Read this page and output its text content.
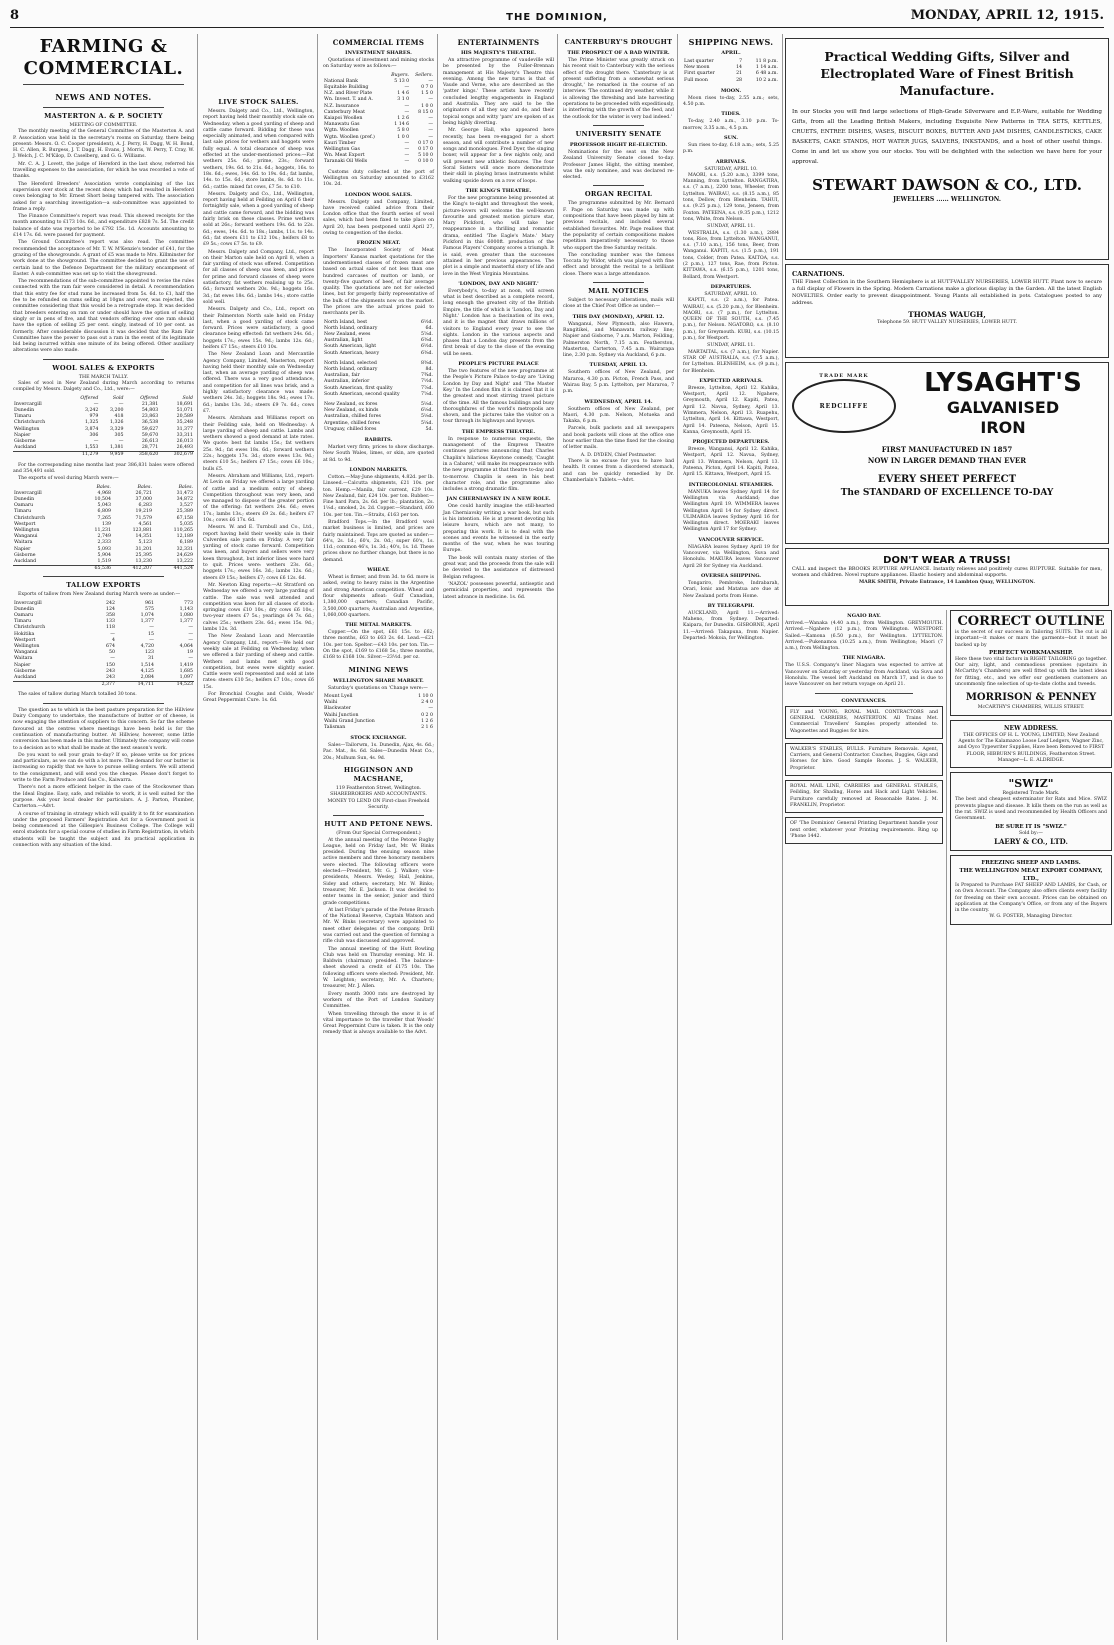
8	THE DOMINION,	MONDAY, APRIL 12, 1915.
FARMING & COMMERCIAL.
NEWS AND NOTES.
MASTERTON A. & P. SOCIETY
MEETING OF COMMITTEE.

The monthly meeting of the General Committee of the Masterton A. and P. Association was held in the secretary's rooms on Saturday, there being present: Messrs. O. C. Cooper (president), A. J. Perry, H. Dagg, W. H. Bond, H. C. Allen, R. Burgess, J. T. Dagg, H. Evans, J. Morris, W. Perry, T. Cray, W. J. Welch, J. C. M'Kilop, D. Caselberg, and G. G. Williams.

Mr. C. A. J. Lovett, the judge of Hereford in the last show, referred his travelling expenses to the association, for which he was recorded a vote of thanks.

The Hereford Breeders' Association wrote complaining of the lax supervision over stock at the recent show, which had resulted in Hereford cows belonging to Mr. Ernest Short being tampered with. The association asked for a searching investigation—a sub-committee was appointed to frame a reply.

The Finance Committee's report was read. This showed receipts for the month amounting to £173 10s. 6d., and expenditure £828 7s. 5d. The credit balance of date was reported to be £792 15s. 1d. Accounts amounting to £14 17s. 6d. were passed for payment.

The Ground Committee's report was also read. The committee recommended the acceptance of Mr. T. W. M'Kenzie's tender of £41, for the grazing of the showgrounds. A grant of £5 was made to Mrs. Killminster for work done at the showground. The committee decided to grant the use of certain land to the Defence Department for the military encampment of Easter. A sub-committee was set up to visit the showground.

The recommendations of the sub-committee appointed to revise the rules connected with the ram fair were considered in detail. A recommendation that this entry fee for stud rams be increased from 5s. 6d. to £1, half the fee to be refunded on rams selling at 10gns and over, was rejected, the committee considering that this would be a retrograde step. It was decided that breeders entering on ram or under should have the option of selling singly or in pens of five, and that vendors offering over one ram should have the option of selling 25 per cent. singly, instead of 10 per cent. as formerly. After considerable discussion it was decided that the Ram Fair Committee have the power to pass out a ram in the event of its legitimate bid being incurred within one minute of its being offered. Other auxiliary alterations were also made.

WOOL SALES & EXPORTS
THE MARCH TALLY.

Sales of wool in New Zealand during March according to returns compiled by Messrs. Dalgety and Co., Ltd., were:—

	Offered	Sold	Offered	Sold
Invercargill	—	—	21,381	18,691
Dunedin	3,242	3,200	54,803	51,071
Timaru	979	418	23,863	20,589
Christchurch	1,325	1,326	36,538	35,248
Wellington	3,874	3,329	59,627	31,377
Napier	306	305	59,670	33,311
Gisborne	—	—	26,613	26,013
Auckland	1,553	1,381	28,771	26,493
	11,279	9,959	358,620	302,679

For the corresponding nine months last year 386,831 bales were offered and 354,491 sold.

The exports of wool during March were:—

	Bales.	Bales.	Bales.
Invercargill	4,968	26,721	31,473
Dunedin	10,504	37,000	34,872
Oamaru	5,043	6,283	3,527
Timaru	6,809	19,219	25,389
Christchurch	7,265	71,579	67,158
Westport	139	4,561	5,035
Wellington	11,231	123,881	110,265
Wanganui	2,749	14,351	12,189
Waitara	2,333	5,123	6,189
Napier	5,093	31,201	32,331
Gisborne	5,904	25,395	24,629
Auckland	1,519	13,230	13,222
	65,536	412,207	441,524
TALLOW EXPORTS

Exports of tallow from New Zealand during March were as under:—

Invercargill	242	961	773
Dunedin	124	575	1,143
Oamaru	358	1,074	1,080
Timaru	133	1,377	1,377
Christchurch	118	—	—
Hokitika	—	15	—
Westport	4	—	—
Wellington	674	4,720	4,064
Wanganui	50	123	19
Waitara	—	31	—
Napier	150	1,514	1,419
Gisborne	243	4,125	1,685
Auckland	243	2,084	1,097
	2,377	14,711	14,523

The sales of tallow during March totalled 30 tons.

The question as to which is the best pasture preparation for the Hillview Dairy Company to undertake, the manufacture of butter or of cheese, is now engaging the attention of suppliers to this concern. So far the scheme favoured at the centres where meetings have been held is for the continuation of manufacturing butter. At Hillview, however, some little conversion has been made in this matter. Ultimately the company will come to a decision as to what shall be made at the next season's work.

Do you want to sell your grain to-day? If so, please write us for prices and particulars, as we can do with a lot more. The demand for our butter is increasing so rapidly that we have to pursue selling orders. We will attend to the consignment, and will send you the cheque. Please don't forget to write to the Farm Produce and Gas Co., Kaiwarra.

There's not a more efficient helper in the case of the Stockowner than the Ideal Engine. Easy, safe, and reliable to work, it is well suited for the purpose. Ask your local dealer for particulars. A. J. Parton, Plumber, Carterton.—Advt.

A course of training in strategy which will qualify it to fit for examination under the proposed Farmers' Registration Act for a Government post is being commenced at the Gillespie's Business College. The College will enrol students for a special course of studies in Farm Registration, in which students will be taught the subject and its practical application in connection with any situation of the kind.

LIVE STOCK SALES.

Messrs. Dalgety and Co., Ltd., Wellington, report having held their monthly stock sale on Wednesday, when a good yarding of sheep and cattle came forward. Bidding for these was especially animated, and when compared with last sale prices for wethers and hoggets were fully equal. A total clearance of sheep was effected at the under-mentioned prices:—Fat wethers 25s. 6d.; prime, 23s.; forward wethers, 19s. 6d. to 21s. 6d.; hoggets, 16s. to 18s. 6d.; ewes, 14s. 6d. to 19s. 6d.; fat lambs, 14s. to 15s. 6d.; store lambs, 8s. 6d. to 11s. 6d.; cattle: mixed fat cows, £7 5s. to £10.

Messrs. Dalgety and Co., Ltd., Wellington, report having held at Feilding on April 6 their fortnightly sale, when a good yarding of sheep and cattle came forward, and the bidding was fairly brisk on these classes. Prime wethers sold at 26s.; forward wethers 19s. 6d. to 22s. 6d.; ewes, 14s. 6d. to 18s.; lambs, 11s. to 14s. 6d.; fat steers £11 to £12 10s.; heifers £8 to £9 5s.; cows £7 5s. to £9.

Messrs. Dalgety and Company, Ltd., report on their Marton sale held on April 8, when a fair yarding of stock was offered. Competition for all classes of sheep was keen, and prices for prime and forward classes of sheep were satisfactory, fat wethers realising up to 25s. 6d.; forward wethers 20s. 9d.; hoggets 16s. 3d.; fat ewes 18s. 6d.; lambs 14s.; store cattle sold well.

Messrs. Dalgety and Co., Ltd., report on their Palmerston North sale held on Friday last, when a good yarding of stock came forward. Prices were satisfactory, a good clearance being effected: fat wethers 24s. 6d.; hoggets 17s.; ewes 15s. 9d.; lambs 12s. 6d.; heifers £7 15s.; steers £10 10s.

The New Zealand Loan and Mercantile Agency Company, Limited, Masterton, report having held their monthly sale on Wednesday last, when an average yarding of sheep was offered. There was a very good attendance, and competition for all lines was brisk, and a highly satisfactory clearance was made: wethers 24s. 3d.; hoggets 18s. 9d.; ewes 17s. 6d.; lambs 13s. 3d.; steers £9 7s. 6d.; cows £7.

Messrs. Abraham and Williams report on their Feilding sale, held on Wednesday: A large yarding of sheep and cattle. Lambs and wethers showed a good demand at late rates. We quote: best fat lambs 15s.; fat wethers 25s. 9d.; fat ewes 18s. 6d.; forward wethers 22s.; hoggets 17s. 3d.; store ewes 13s. 9d.; steers £10 5s.; heifers £7 15s.; cows £6 10s.; bulls £5.

Messrs. Abraham and Williams, Ltd., report: At Levin on Friday we offered a large yarding of cattle and a medium entry of sheep. Competition throughout was very keen, and we managed to dispose of the greater portion of the offering: fat wethers 24s. 6d.; ewes 17s.; lambs 13s.; steers £9 2s. 6d.; heifers £7 10s.; cows £6 17s. 6d.

Messrs. W. and E. Turnbull and Co., Ltd., report having held their weekly sale in their Culverden sale yards on Friday. A very fair yarding of stock came forward. Competition was keen, and buyers and sellers were very keen throughout, but inferior lines were hard to quit. Prices were: wethers 23s. 6d.; hoggets 17s.; ewes 16s. 3d.; lambs 12s. 6d.; steers £9 15s.; heifers £7; cows £6 12s. 6d.

Mr. Newton King reports:—At Stratford on Wednesday we offered a very large yarding of cattle. The sale was well attended and competition was keen for all classes of stock: springing cows £10 10s.; dry cows £6 10s.; two-year steers £7 5s.; yearlings £4 7s. 6d.; calves 25s.; wethers 23s. 6d.; ewes 15s. 9d.; lambs 12s. 3d.

The New Zealand Loan and Mercantile Agency Company, Ltd., report:—We held our weekly sale at Feilding on Wednesday, when we offered a fair yarding of sheep and cattle. Wethers and lambs met with good competition, but ewes were slightly easier. Cattle were well represented and sold at late rates: steers £10 5s.; heifers £7 10s.; cows £6 15s.

For Bronchial Coughs and Colds, Woods' Great Peppermint Cure. 1s. 6d.

COMMERCIAL ITEMS
INVESTMENT SHARES.

Quotations of investment and mining stocks on Saturday were as follows:—

	Buyers.	Sellers.
National Bank	5 13 0	—
Equitable Building	—	0 7 0
N.Z. and River Plate	1 4 6	1 5 0
Wn. Invest. T. and A.	3 1 0	—
N.Z. Insurance	—	1 0 0
Canterbury Meat	—	8 15 0
Kaiapoi Woollen	1 2 6	—
Manawatu Gas	1 14 6	—
Wgtn. Woollen	5 8 0	—
Wgtn. Woollen (pref.)	1 0 0	—
Kauri Timber	—	0 17 0
Wellington Gas	—	0 17 0
Wn. Meat Export	—	5 10 0
Taranaki Oil Wells	—	0 10 0

Customs duty collected at the port of Wellington on Saturday amounted to £3162 10s. 2d.

LONDON WOOL SALES.

Messrs. Dalgety and Company, Limited, have received cabled advice from their London office that the fourth series of wool sales, which had been fixed to take place on April 20, has been postponed until April 27, owing to congestion of the docks.

FROZEN MEAT.

The Incorporated Society of Meat Importers' Kansas market quotations for the undermentioned classes of frozen meat are based on actual sales of not less than one hundred carcases of mutton or lamb, or twenty-five quarters of beef, of fair average quality. The quotations are not for selected lines, but for properly fairly representative of the bulk of the shipments now on the market. The prices are the actual prices paid to merchants per lb.

North Island, best	6½d.
North Island, ordinary	6d.
New Zealand, ewes	5⅝d.
Australian, light	6⅜d.
South American, light	6½d.
South American, heavy	6⅜d.
North Island, selected	8⅜d.
North Island, ordinary	8d.
Australian, fair	7¾d.
Australian, inferior	7½d.
South American, first quality	7⅞d.
South American, second quality	7⅝d.
New Zealand, ox fores	5⅛d.
New Zealand, ox hinds	6⅛d.
Australian, chilled fores	5⅛d.
Argentine, chilled fores	5¼d.
Uruguay, chilled fores	5d.
RABBITS.

Market very firm; prices to show discharge. New South Wales, limes, or skin, are quoted at 8d. to 9d.

LONDON MARKETS.

Cotton.—May-June shipments, 4.82d. per lb. Linseed.—Calcutta shipments, £21 10s. per ton. Hemp.—Manila, fair current, £29 10s. New Zealand, fair, £24 10s. per ton. Rubber.—Fine hard Para, 2s. 6d. per lb.; plantation, 2s. 1⅛d.; smoked, 2s. 2d. Copper.—Standard, £60 10s. per ton. Tin.—Straits, £163 per ton.

Bradford Tops.—In the Bradford wool market business is limited, and prices are fairly maintained. Tops are quoted as under:—64's, 2s. 1d.; 60's, 2s. 0d.; super 60's, 1s. 11d.; common 46's, 1s. 3d.; 40's, 1s. 1d. These prices show no further change, but there is no demand.

WHEAT.

Wheat is firmer, and from 3d. to 6d. more is asked, owing to heavy rains in the Argentine and strong American competition. Wheat and flour shipments afloat: Gulf Canadian, 1,380,000 quarters; Canadian Pacific, 3,500,000 quarters; Australian and Argentine, 1,060,000 quarters.

THE METAL MARKETS.

Copper.—On the spot, £61 15s. to £62; three months, £63 to £63 2s. 6d. Lead.—£21 10s. per ton. Spelter.—£43 10s. per ton. Tin.—On the spot, £169 to £168 5s.; three months, £168 to £168 10s. Silver.—23½d. per oz.

MINING NEWS
WELLINGTON SHARE MARKET.

Saturday's quotations on 'Change were:—

Mount Lyell	1 10 0
Waihi	2 4 0
Blackwater	—
Waihi Junction	0 2 0
Waihi Grand Junction	1 2 6
Talisman	2 1 6
STOCK EXCHANGE.

Sales—Tailorwm, 1s. Dunedin, Ajax, 4s. 6d.; Pac. Mat., 8s. 6d. Sales—Dunedin Meat Co., 20s.; Mulhum Sun, 4s. 9d.

HIGGINSON AND MACSHANE,

119 Featherston Street, Wellington. SHAREBROKERS AND ACCOUNTANTS. MONEY TO LEND ON First-class Freehold Security.

HUTT AND PETONE NEWS.
(From Our Special Correspondent.)

At the annual meeting of the Petone Rugby League, held on Friday last, Mr. W. Binks presided. During the ensuing season nine active members and three honorary members were elected. The following officers were elected:—President, Mr. G. J. Walker; vice-presidents, Messrs. Wesley, Hall, Jenkins, Sidey and others; secretary, Mr. W. Binks; treasurer, Mr. E. Jackson. It was decided to enter teams in the senior, junior and third grade competitions.

At last Friday's parade of the Petone Branch of the National Reserve, Captain Watson and Mr. W. Binks (secretary) were appointed to meet other delegates of the company. Drill was carried out and the question of forming a rifle club was discussed and approved.

The annual meeting of the Hutt Bowling Club was held on Thursday evening. Mr. H. Baldwin (chairman) presided. The balance-sheet showed a credit of £175 10s. The following officers were elected: President, Mr. W. Leighton; secretary, Mr. A. Charters; treasurer, Mr. J. Allen.

Every month 3000 rats are destroyed by workers of the Port of London Sanitary Committee.

When travelling through the snow it is of vital importance to the traveller that Woods' Great Peppermint Cure is taken. It is the only remedy that is always available to the Advt.

ENTERTAINMENTS
HIS MAJESTY'S THEATRE.

An attractive programme of vaudeville will be presented by the Fuller-Brennan management at His Majesty's Theatre this evening. Among the new turns is that of Vaude and Verne, who are described as the 'patter kings.' These artists have recently concluded lengthy engagements in England and Australia. They are said to be the originators of all they say and do, and their topical songs and witty 'pars' are spoken of as being highly diverting.

Mr. George Hall, who appeared here recently, has been re-engaged for a short season, and will contribute a number of new songs and monologues. Fred Dyer, the singing boxer, will appear for a few nights only, and will present new athletic features. The four Soral Sisters will once more demonstrate their skill in playing brass instruments whilst walking upside down on a row of loops.

THE KING'S THEATRE.

For the new programme being presented at the King's to-night and throughout the week, picture-lovers will welcome the well-known favourite and greatest motion picture star, Mary Pickford, who will take her reappearance in a thrilling and romantic drama, entitled 'The Eagle's Mate.' Mary Pickford in this 6000ft. production of the Famous Players' Company scores a triumph. It is said, even greater than the successes attained in her previous appearances. The plot is a simple and masterful story of life and love in the West Virginia Mountains.

'LONDON, DAY AND NIGHT.'

Everybody's, to-day at noon, will screen what is best described as a complete record, long enough the greatest city of the British Empire, the title of which is 'London, Day and Night.' London has a fascination of its own, and it is the magnet that draws millions of visitors to England every year to see the sights. London in the various aspects and phases that a London day presents from the first break of day to the close of the evening will be seen.

PEOPLE'S PICTURE PALACE

The two features of the new programme at the People's Picture Palace to-day are 'Living London by Day and Night' and 'The Master Key.' In the London film it is claimed that it is the greatest and most stirring travel picture of the time. All the famous buildings and busy thoroughfares of the world's metropolis are shown, and the pictures take the visitor on a tour through its highways and byways.

THE EMPRESS THEATRE.

In response to numerous requests, the management of the Empress Theatre continues pictures announcing that Charles Chaplin's hilarious Keystone comedy, 'Caught in a Cabaret,' will make its reappearance with the new programme at that theatre to-day and to-morrow. Chaplin is seen in his best character role, and the programme also includes a strong dramatic film.

JAN CHERNIAVSKY IN A NEW ROLE.

One could hardly imagine the still-hearted Jan Cherniavsky writing a war book, but such is his intention. He is at present devoting his leisure hours, which are not many, to preparing this work. It is to deal with the scenes and events he witnessed in the early months of the war, when he was touring Europe.

The book will contain many stories of the great war, and the proceeds from the sale will be devoted to the assistance of distressed Belgian refugees.

'NAZOL' possesses powerful, antiseptic and germicidal properties, and represents the latest advance in medicine. 1s. 6d.

CANTERBURY'S DROUGHT
THE PROSPECT OF A BAD WINTER.

The Prime Minister was greatly struck on his recent visit to Canterbury with the serious effect of the drought there. 'Canterbury is at present suffering from a somewhat serious drought,' he remarked in the course of an interview. 'The continued dry weather, while it is allowing the threshing and late harvesting operations to be proceeded with expeditiously, is interfering with the growth of the feed, and the outlook for the winter is very bad indeed.'

UNIVERSITY SENATE
PROFESSOR HIGHT RE-ELECTED.

Nominations for the seat on the New Zealand University Senate closed to-day. Professor James Hight, the sitting member, was the only nominee, and was declared re-elected.

ORGAN RECITAL

The programme submitted by Mr. Bernard F. Page on Saturday was made up with compositions that have been played by him at previous recitals, and included several established favourites. Mr. Page realises that the popularity of certain compositions makes repetition imperatively necessary to those who support the free Saturday recitals.

The concluding number was the famous Toccata by Widor, which was played with fine effect and brought the recital to a brilliant close. There was a large attendance.

MAIL NOTICES

Subject to necessary alterations, mails will close at the Chief Post Office as under:—

THIS DAY (MONDAY), APRIL 12.

Wanganui, New Plymouth, also Hawera, Rangitikei, and Manawatu railway line; Napier and Gisborne, 7 a.m. Marton, Feilding, Palmerston North, 7.15 a.m. Featherston, Masterton, Carterton, 7.45 a.m. Wairarapa line, 2.30 p.m. Sydney via Auckland, 6 p.m.

TUESDAY, APRIL 13.

Southern offices of New Zealand, per Mararoa, 4.30 p.m. Picton, French Pass, and Wairau Bay, 5 p.m. Lyttelton, per Mararoa, 7 p.m.

WEDNESDAY, APRIL 14.

Southern offices of New Zealand, per Maori, 4.30 p.m. Nelson, Motueka and Takaka, 6 p.m.

Parcels, bulk packets and all newspapers and book packets will close at the office one hour earlier than the time fixed for the closing of letter mails.

A. D. DYDEN, Chief Postmaster.

There is no excuse for you to have bad health. It comes from a disordered stomach, and can be quickly remedied by Dr. Chamberlain's Tablets.—Advt.

SHIPPING NEWS.
APRIL.
Last quarter	7	11 8 p.m.
New moon	14	1 14 a.m.
First quarter	21	6 48 a.m.
Full moon	28	10 2 a.m.
MOON.

Moon rises to-day, 2.55 a.m.; sets, 4.50 p.m.

TIDES.

To-day, 2.40 a.m., 3.10 p.m. To-morrow, 3.35 a.m., 4.5 p.m.

SUN.

Sun rises to-day, 6.18 a.m.; sets, 5.25 p.m.

ARRIVALS.
SATURDAY, APRIL 10.

MAORI, s.s. (5.20 a.m.), 3399 tons, Manning, from Lyttelton. RANGATIRA, s.s. (7 a.m.), 2200 tons, Wheeler, from Lyttelton. WAIRAU, s.s. (8.15 a.m.), 85 tons, Dellow, from Blenheim. TAHUI, s.s. (9.25 p.m.), 129 tons, Jensen, from Foxton. PATEENA, s.s. (9.35 p.m.), 1212 tons, White, from Nelson.

SUNDAY, APRIL 11.

WESTRALIA, s.s. (1.30 a.m.), 2884 tons, Rice, from Lyttelton. WANGANUI, s.s. (7.10 a.m.), 156 tons, Beer, from Wanganui. KAPITI, s.s. (1.5 p.m.), 191 tons, Colder, from Patea. KAITOA, s.s. (2 p.m.), 127 tons, Rae, from Picton. KITTAWA, s.s. (6.15 p.m.), 1201 tons, Bollard, from Westport.

DEPARTURES.
SATURDAY, APRIL 10.

KAPITI, s.s. (2 a.m.), for Patea. WAIRAU, s.s. (5.20 p.m.), for Blenheim. MAORI, s.s. (7 p.m.), for Lyttelton. QUEEN OF THE SOUTH, s.s. (7.45 p.m.), for Nelson. NGATORO, s.s. (8.10 p.m.), for Greymouth. KURI, s.s. (10.15 p.m.), for Westport.

SUNDAY, APRIL 11.

MARTAITAL, s.s. (7 a.m.), for Napier. STAR OF AUSTRALIA, s.s. (7.5 a.m.), for Lyttelton. BLENHEIM, s.s. (9 p.m.), for Blenheim.

EXPECTED ARRIVALS.

Breeze, Lyttelton, April 12. Kahika, Westport, April 12. Ngahere, Greymouth, April 12. Kapiti, Patea, April 12. Navua, Sydney, April 13. Wimmera, Nelson, April 13. Ruapehu, Lyttelton, April 14. Kittawa, Westport, April 14. Pateena, Nelson, April 15. Kanna, Greymouth, April 15.

PROJECTED DEPARTURES.

Breeze, Wanganui, April 12. Kahika, Westport, April 12. Navua, Sydney, April 13. Wimmera, Nelson, April 13. Pateena, Picton, April 14. Kapiti, Patea, April 15. Kittawa, Westport, April 15.

INTERCOLONIAL STEAMERS.

MANUKA leaves Sydney April 14 for Wellington via Auckland; due Wellington April 19. WIMMERA leaves Wellington April 14 for Sydney direct. ULIMAROA leaves Sydney April 16 for Wellington direct. MOERAKI leaves Wellington April 17 for Sydney.

VANCOUVER SERVICE.

NIAGARA leaves Sydney April 19 for Vancouver, via Wellington, Suva and Honolulu. MAKURA leaves Vancouver April 28 for Sydney via Auckland.

OVERSEA SHIPPING.

Tongariro, Pembroke, Indrabarah, Orari, Ionic and Matatua are due at New Zealand ports from Home.

BY TELEGRAPH.

AUCKLAND, April 11.—Arrived: Maheno, from Sydney. Departed: Kaipara, for Dunedin. GISBORNE, April 11.—Arrived: Takapuna, from Napier. Departed: Mokoia, for Wellington.

Practical Wedding Gifts, Silver and Electroplated Ware of Finest British Manufacture.

In our Stocks you will find large selections of High-Grade Silverware and E.P.-Ware, suitable for Wedding Gifts, from all the Leading British Makers, including Exquisite New Patterns in TEA SETS, KETTLES, CRUETS, ENTREE DISHES, VASES, BISCUIT BOXES, BUTTER AND JAM DISHES, CANDLESTICKS, CAKE BASKETS, CAKE STANDS, HOT WATER JUGS, SALVERS, INKSTANDS, and a host of other useful things. Come in and let us show you our stocks. You will be delighted with the selection we have here for your approval.

STEWART DAWSON & CO., LTD.
JEWELLERS ...... WELLINGTON.
CARNATIONS.

THE Finest Collection in the Southern Hemisphere is at HUTT-VALLEY NURSERIES, LOWER HUTT. Plant now to secure a full display of Flowers in the Spring. Modern Carnations make a glorious display in the Garden. All the latest English NOVELTIES. Order early to prevent disappointment. Young Plants all established in pots. Catalogues posted to any address.

THOMAS WAUGH,
Telephone 59. HUTT VALLEY NURSERIES, LOWER HUTT.
TRADE MARK
REDCLIFFE
LYSAGHT'S
GALVANISED
IRON
FIRST MANUFACTURED IN 1857
NOW IN LARGER DEMAND THAN EVER
EVERY SHEET PERFECT
The STANDARD OF EXCELLENCE TO-DAY
DON'T WEAR A TRUSS!

CALL and inspect the BROOKS RUPTURE APPLIANCE. Instantly relieves and positively cures RUPTURE. Suitable for men, women and children. Novel rupture appliances. Elastic hosiery and abdominal supports.

MARK SMITH, Private Entrance, 14 Lambton Quay, WELLINGTON.
NGAIO BAY.

Arrived.—Wanaka (4.40 a.m.), from Wellington. GREYMOUTH. Arrived.—Ngahere (12 p.m.), from Wellington. WESTPORT. Sailed.—Kamona (6.50 p.m.), for Wellington. LYTTELTON. Arrived.—Pukenamoa (10.25 a.m.), from Wellington; Maori (7 a.m.), from Wellington.

THE NIAGARA.

The U.S.S. Company's liner Niagara was expected to arrive at Vancouver on Saturday or yesterday from Auckland, via Suva and Honolulu. The vessel left Auckland on March 17, and is due to leave Vancouver on her return voyage on April 21.

CONVEYANCES.

FLY and YOUNG, ROYAL MAIL CONTRACTORS and GENERAL CARRIERS, MASTERTON. All Trains Met. Commercial Travellers' Samples properly attended to. Wagonettes and Buggies for hire.

WALKER'S STABLES, BULLS. Furniture Removals. Agent, Carriers, and General Contractor. Coaches, Buggies, Gigs and Horses for hire. Good Sample Rooms. J. S. WALKER, Proprietor.

ROYAL MAIL LINE, CARRIERS and GENERAL STABLES, Feilding, for Shading, Horse and Hack and Light Vehicles. Furniture carefully removed at Reasonable Rates. J. M. FRANKLIN, Proprietor.

OF 'The Dominion' General Printing Department handle your next order, whatever your Printing requirements. Ring up 'Phone 1442.

CORRECT OUTLINE

is the secret of our success in Tailoring SUITS. The cut is all important—it makes or mars the garments—but it must be backed up by

PERFECT WORKMANSHIP.

Here these two vital factors in RIGHT TAILORING go together. Our airy, light, and commodious premises (upstairs in McCarthy's Chambers) are well fitted up with the latest ideas for fitting, etc., and we offer our gentlemen customers an uncommonly fine selection of up-to-date cloths and tweeds.

MORRISON & PENNEY
McCARTHY'S CHAMBERS, WILLIS STREET.
NEW ADDRESS.

THE OFFICES OF H. L. YOUNG, LIMITED, New Zealand Agents for The Kalamazoo Loose Leaf Ledgers, Wagner Zinc, and Oyco Typewriter Supplies, Have been Removed to FIRST FLOOR, HIBBURN'S BUILDINGS, Featherston Street.

Manager—L. E. ALDRIDGE.
"SWIZ"
Registered Trade Mark.

The best and cheapest exterminator for Rats and Mice. SWIZ prevents plague and disease. It kills them on the run as well as the rat. SWIZ is used and recommended by Health Officers and Government.

BE SURE IT IS "SWIZ."
Sold by:—
LAERY & CO., LTD.
FREEZING SHEEP AND LAMBS.
THE WELLINGTON MEAT EXPORT COMPANY, LTD.,

Is Prepared to Purchase FAT SHEEP AND LAMBS, for Cash, or on Own Account. The Company also offers clients every facility for freezing on their own account. Prices can be obtained on application at the Company's Office, or from any of the Buyers in the country.

W. G. FOSTER, Managing Director.
